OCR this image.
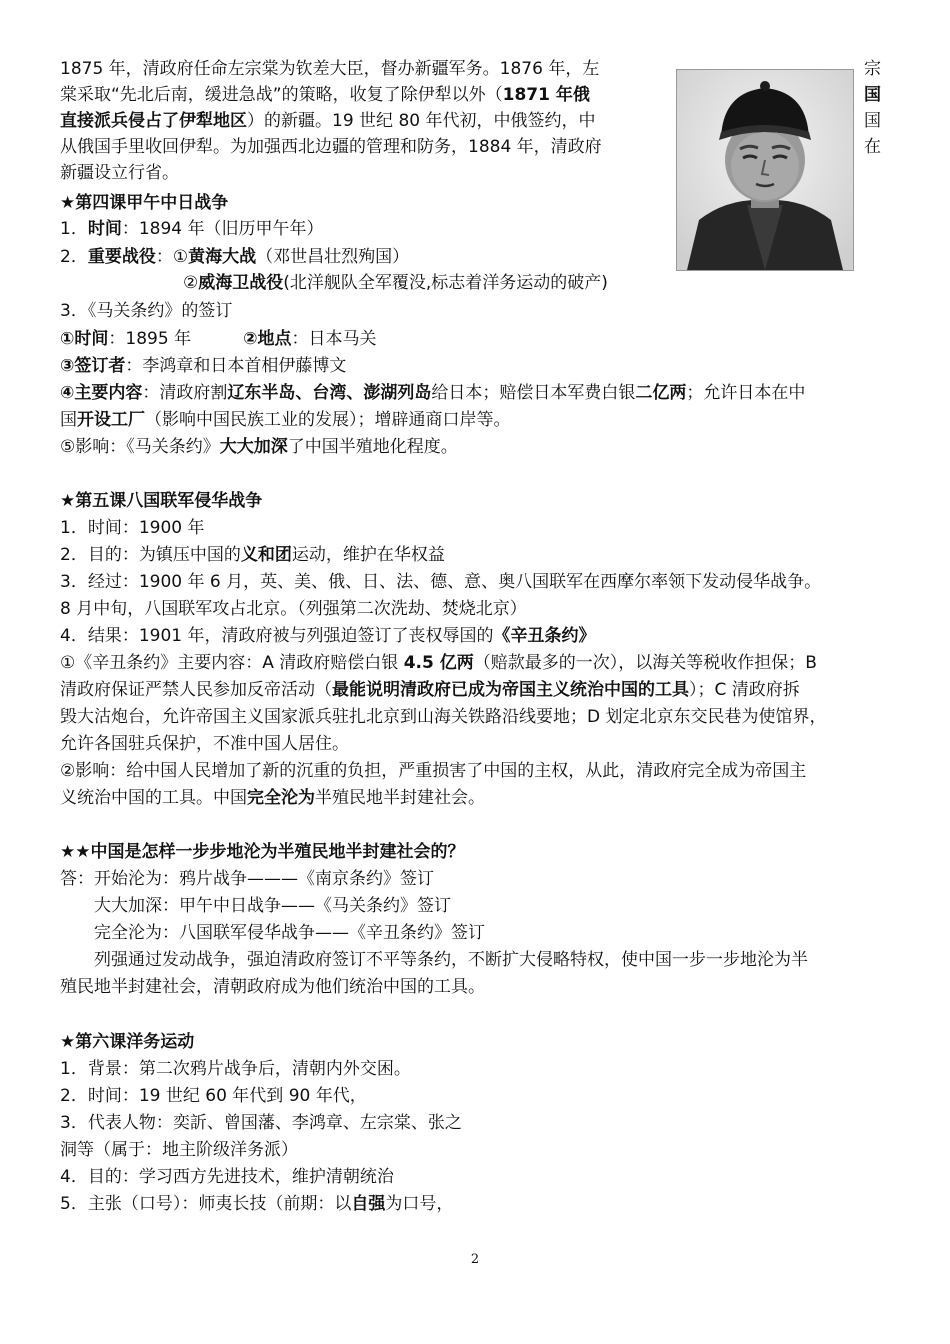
1875 年，清政府任命左宗棠为钦差大臣，督办新疆军务。1876 年，左
棠采取“先北后南，缓进急战”的策略，收复了除伊犁以外（1871 年俄
直接派兵侵占了伊犁地区）的新疆。19 世纪 80 年代初，中俄签约，中
从俄国手里收回伊犁。为加强西北边疆的管理和防务，1884 年，清政府
新疆设立行省。
宗
国
国
在
★第四课甲午中日战争
1．时间：1894 年（旧历甲午年）
2．重要战役：①黄海大战（邓世昌壮烈殉国）
②威海卫战役(北洋舰队全军覆没,标志着洋务运动的破产)
3．《马关条约》的签订
①时间：1895 年	②地点：日本马关
③签订者：李鸿章和日本首相伊藤博文
④主要内容：清政府割辽东半岛、台湾、澎湖列岛给日本；赔偿日本军费白银二亿两；允许日本在中
国开设工厂（影响中国民族工业的发展）；增辟通商口岸等。
⑤影响：《马关条约》大大加深了中国半殖地化程度。
★第五课八国联军侵华战争
1．时间：1900 年
2．目的：为镇压中国的义和团运动，维护在华权益
3．经过：1900 年 6 月，英、美、俄、日、法、德、意、奥八国联军在西摩尔率领下发动侵华战争。
8 月中旬，八国联军攻占北京。（列强第二次洗劫、焚烧北京）
4．结果：1901 年，清政府被与列强迫签订了丧权辱国的《辛丑条约》
①《辛丑条约》主要内容：A 清政府赔偿白银 4.5 亿两（赔款最多的一次），以海关等税收作担保；B
清政府保证严禁人民参加反帝活动（最能说明清政府已成为帝国主义统治中国的工具）；C 清政府拆
毁大沽炮台，允许帝国主义国家派兵驻扎北京到山海关铁路沿线要地；D 划定北京东交民巷为使馆界，
允许各国驻兵保护，不准中国人居住。
②影响：给中国人民增加了新的沉重的负担，严重损害了中国的主权，从此，清政府完全成为帝国主
义统治中国的工具。中国完全沦为半殖民地半封建社会。
★★中国是怎样一步步地沦为半殖民地半封建社会的？
答：开始沦为：鸦片战争———《南京条约》签订
大大加深：甲午中日战争——《马关条约》签订
完全沦为：八国联军侵华战争——《辛丑条约》签订
列强通过发动战争，强迫清政府签订不平等条约，不断扩大侵略特权，使中国一步一步地沦为半
殖民地半封建社会，清朝政府成为他们统治中国的工具。
★第六课洋务运动
1．背景：第二次鸦片战争后，清朝内外交困。
2．时间：19 世纪 60 年代到 90 年代，
3．代表人物：奕訢、曾国藩、李鸿章、左宗棠、张之
洞等（属于：地主阶级洋务派）
4．目的：学习西方先进技术，维护清朝统治
5．主张（口号）：师夷长技（前期：以自强为口号，
2
